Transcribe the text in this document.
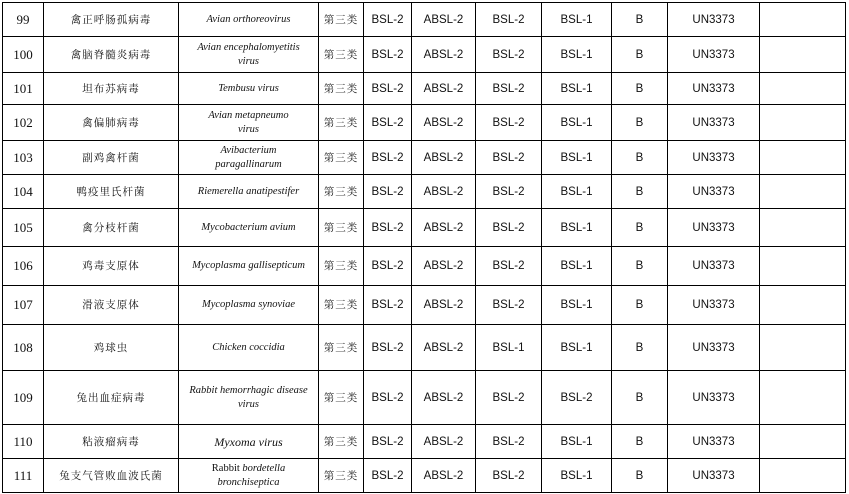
99	禽正呼肠孤病毒	Avian orthoreovirus	第三类	BSL-2	ABSL-2	BSL-2	BSL-1	B	UN3373	
100	禽脑脊髓炎病毒	Avian encephalomyetitis
virus	第三类	BSL-2	ABSL-2	BSL-2	BSL-1	B	UN3373	
101	坦布苏病毒	Tembusu virus	第三类	BSL-2	ABSL-2	BSL-2	BSL-1	B	UN3373	
102	禽偏肺病毒	Avian metapneumo
virus	第三类	BSL-2	ABSL-2	BSL-2	BSL-1	B	UN3373	
103	副鸡禽杆菌	Avibacterium
paragallinarum	第三类	BSL-2	ABSL-2	BSL-2	BSL-1	B	UN3373	
104	鸭疫里氏杆菌	Riemerella anatipestifer	第三类	BSL-2	ABSL-2	BSL-2	BSL-1	B	UN3373	
105	禽分枝杆菌	Mycobacterium avium	第三类	BSL-2	ABSL-2	BSL-2	BSL-1	B	UN3373	
106	鸡毒支原体	Mycoplasma gallisepticum	第三类	BSL-2	ABSL-2	BSL-2	BSL-1	B	UN3373	
107	滑液支原体	Mycoplasma synoviae	第三类	BSL-2	ABSL-2	BSL-2	BSL-1	B	UN3373	
108	鸡球虫	Chicken coccidia	第三类	BSL-2	ABSL-2	BSL-1	BSL-1	B	UN3373	
109	兔出血症病毒	Rabbit hemorrhagic disease
virus	第三类	BSL-2	ABSL-2	BSL-2	BSL-2	B	UN3373	
110	粘液瘤病毒	Myxoma virus	第三类	BSL-2	ABSL-2	BSL-2	BSL-1	B	UN3373	
111	兔支气管败血波氏菌	Rabbit bordetella
bronchiseptica	第三类	BSL-2	ABSL-2	BSL-2	BSL-1	B	UN3373	
